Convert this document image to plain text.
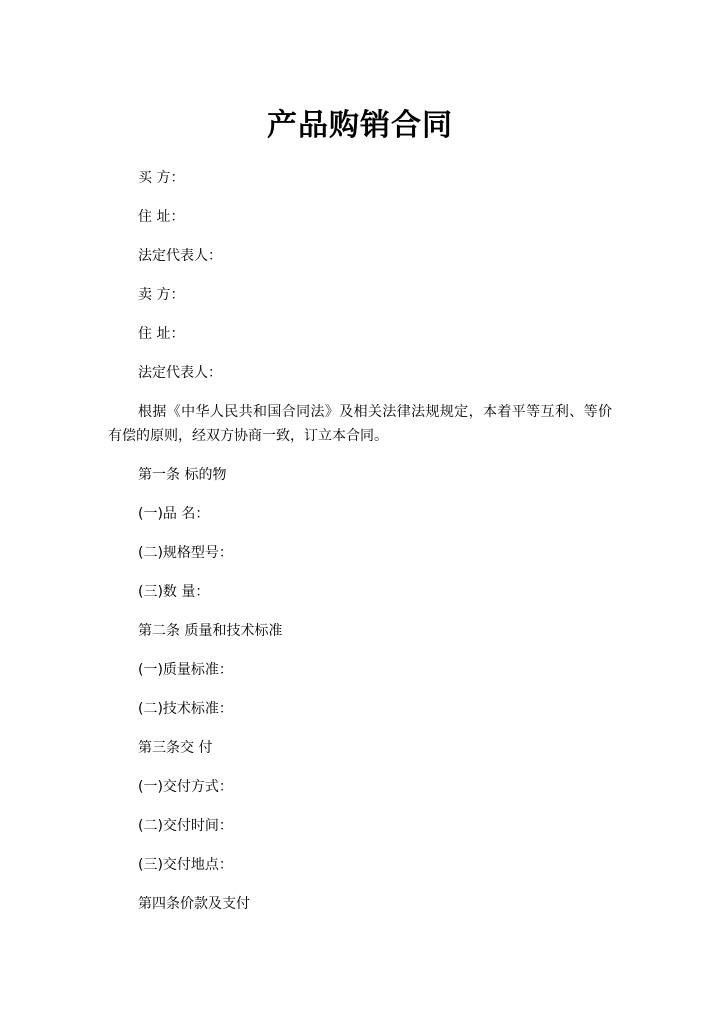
产品购销合同

买 方：

住 址：

法定代表人：

卖 方：

住 址：

法定代表人：

根据《中华人民共和国合同法》及相关法律法规规定，本着平等互利、等价有偿的原则，经双方协商一致，订立本合同。

第一条 标的物

(一)品 名：

(二)规格型号：

(三)数 量：

第二条 质量和技术标准

(一)质量标准：

(二)技术标准：

第三条交 付

(一)交付方式：

(二)交付时间：

(三)交付地点：

第四条价款及支付
